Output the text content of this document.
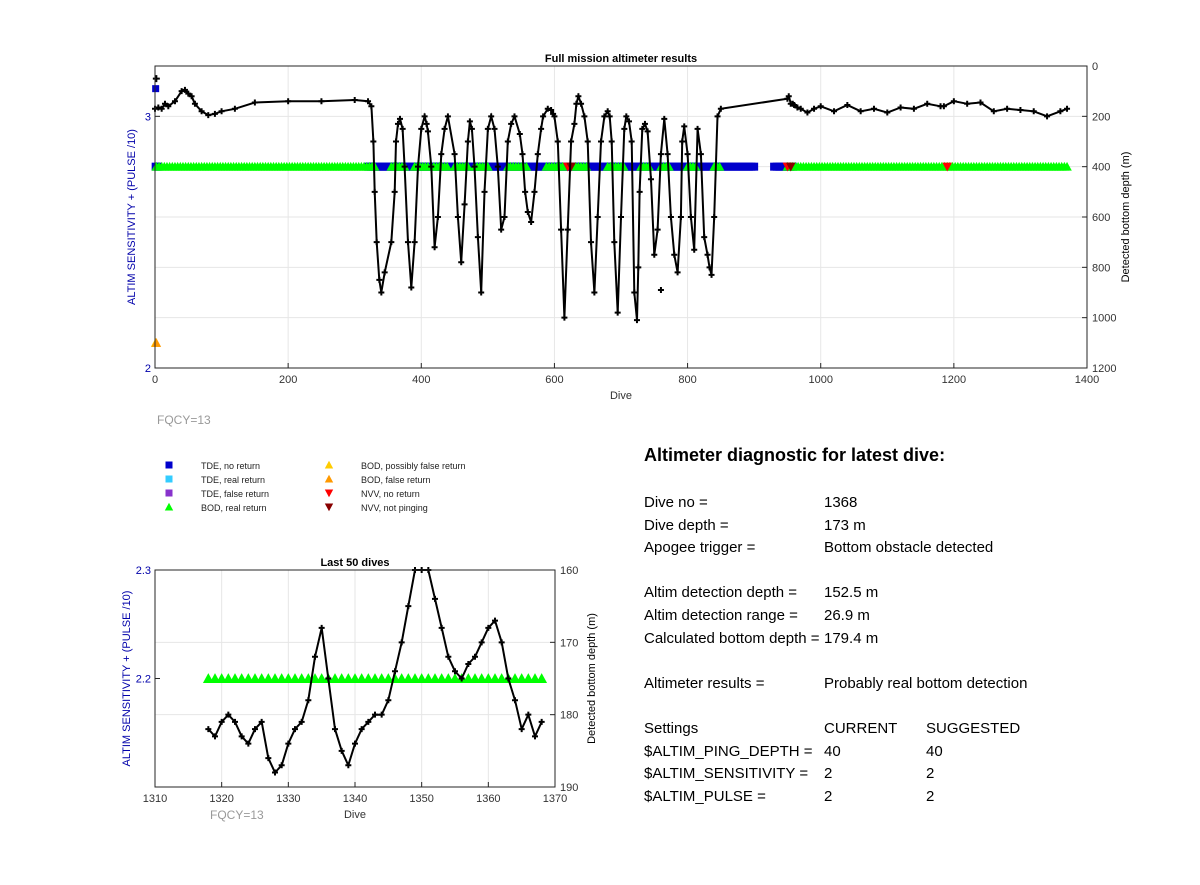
0	200	400	600	800	1000	1200	1400
2
3
0
200
400
600
800
1000
1200
Full mission altimeter results
Dive
ALTIM SENSITIVITY + (PULSE /10)	Detected bottom depth (m)
FQCY=13
1310	1320	1330	1340	1350	1360	1370
2.2
2.3	160
170
180
190
Last 50 dives
Dive
ALTIM SENSITIVITY + (PULSE /10)	Detected bottom depth (m)
FQCY=13
TDE, no return
TDE, real return
TDE, false return
BOD, real return
BOD, possibly false return
BOD, false return
NVV, no return
NVV, not pinging
Altimeter diagnostic for latest dive:
Dive no =	1368
Dive depth =	173 m
Apogee trigger =	Bottom obstacle detected
Altim detection depth = 152.5 m
Altim detection range = 26.9 m
Calculated bottom depth = 179.4 m
Altimeter results =	Probably real bottom detection
Settings	CURRENT SUGGESTED
$ALTIM_PING_DEPTH = 40	40
$ALTIM_SENSITIVITY = 2	2
$ALTIM_PULSE =	2	2
